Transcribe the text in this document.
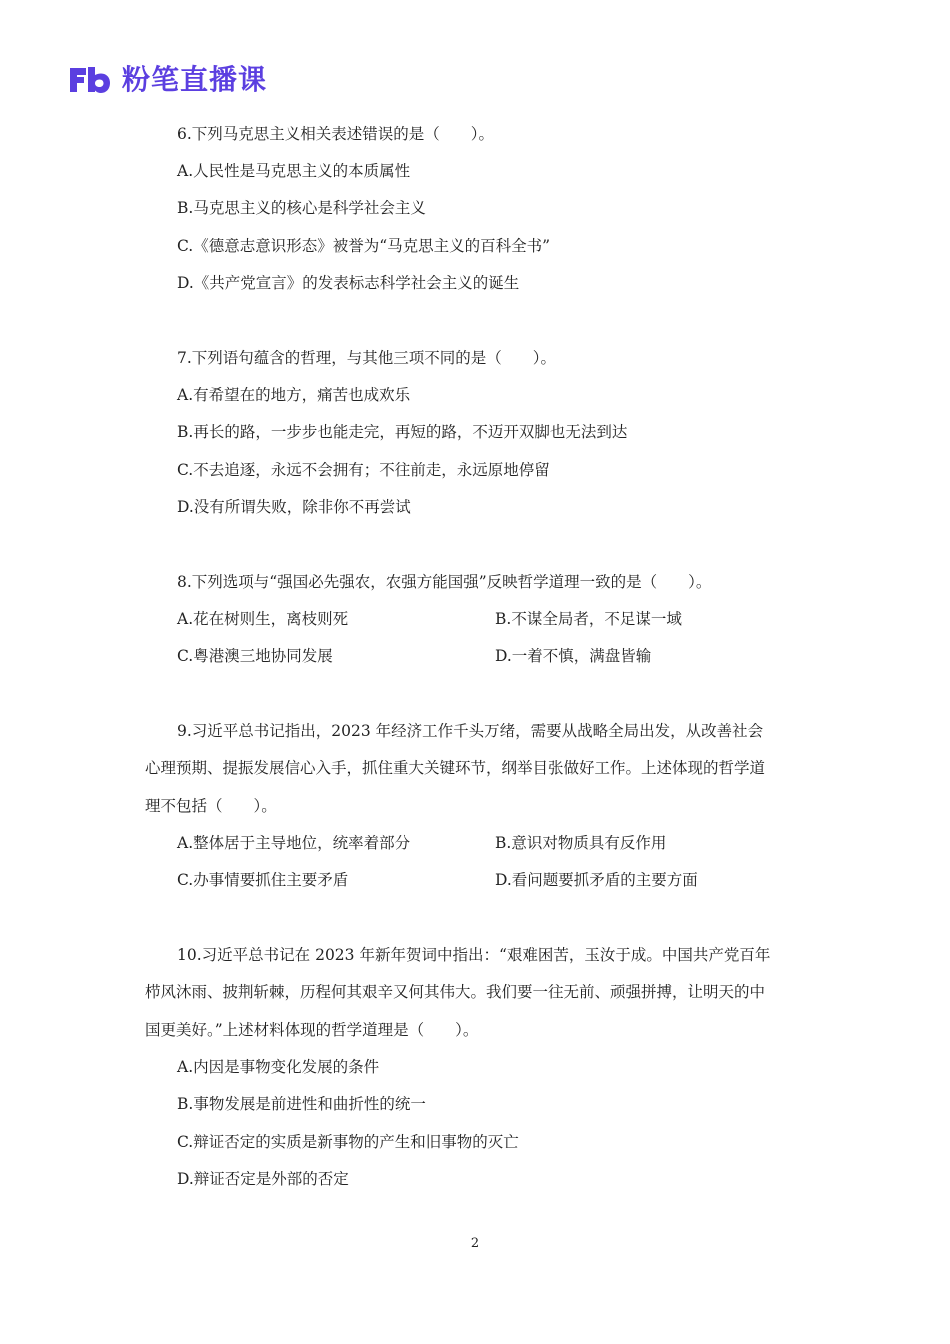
粉笔直播课
6.下列马克思主义相关表述错误的是（　　）。
A.人民性是马克思主义的本质属性
B.马克思主义的核心是科学社会主义
C.《德意志意识形态》被誉为“马克思主义的百科全书”
D.《共产党宣言》的发表标志科学社会主义的诞生
7.下列语句蕴含的哲理，与其他三项不同的是（　　）。
A.有希望在的地方，痛苦也成欢乐
B.再长的路，一步步也能走完，再短的路，不迈开双脚也无法到达
C.不去追逐，永远不会拥有；不往前走，永远原地停留
D.没有所谓失败，除非你不再尝试
8.下列选项与“强国必先强农，农强方能国强”反映哲学道理一致的是（　　）。
A.花在树则生，离枝则死	B.不谋全局者，不足谋一域
C.粤港澳三地协同发展	D.一着不慎，满盘皆输
9.习近平总书记指出，2023 年经济工作千头万绪，需要从战略全局出发，从改善社会
心理预期、提振发展信心入手，抓住重大关键环节，纲举目张做好工作。上述体现的哲学道
理不包括（　　）。
A.整体居于主导地位，统率着部分	B.意识对物质具有反作用
C.办事情要抓住主要矛盾	D.看问题要抓矛盾的主要方面
10.习近平总书记在 2023 年新年贺词中指出：“艰难困苦，玉汝于成。中国共产党百年
栉风沐雨、披荆斩棘，历程何其艰辛又何其伟大。我们要一往无前、顽强拼搏，让明天的中
国更美好。”上述材料体现的哲学道理是（　　）。
A.内因是事物变化发展的条件
B.事物发展是前进性和曲折性的统一
C.辩证否定的实质是新事物的产生和旧事物的灭亡
D.辩证否定是外部的否定
2
